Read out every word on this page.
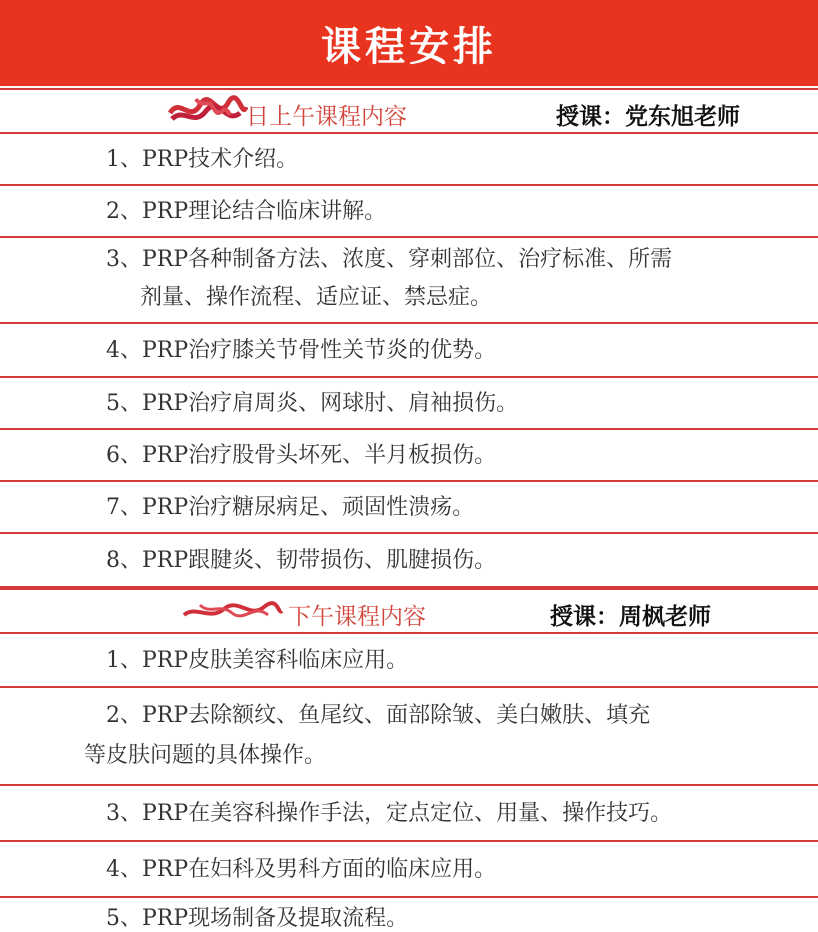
课程安排
日上午课程内容	授课：党东旭老师
1、PRP技术介绍。
2、PRP理论结合临床讲解。
3、PRP各种制备方法、浓度、穿刺部位、治疗标准、所需
剂量、操作流程、适应证、禁忌症。
4、PRP治疗膝关节骨性关节炎的优势。
5、PRP治疗肩周炎、网球肘、肩袖损伤。
6、PRP治疗股骨头坏死、半月板损伤。
7、PRP治疗糖尿病足、顽固性溃疡。
8、PRP跟腱炎、韧带损伤、肌腱损伤。
下午课程内容	授课：周枫老师
1、PRP皮肤美容科临床应用。
2、PRP去除额纹、鱼尾纹、面部除皱、美白嫩肤、填充
等皮肤问题的具体操作。
3、PRP在美容科操作手法，定点定位、用量、操作技巧。
4、PRP在妇科及男科方面的临床应用。
5、PRP现场制备及提取流程。
